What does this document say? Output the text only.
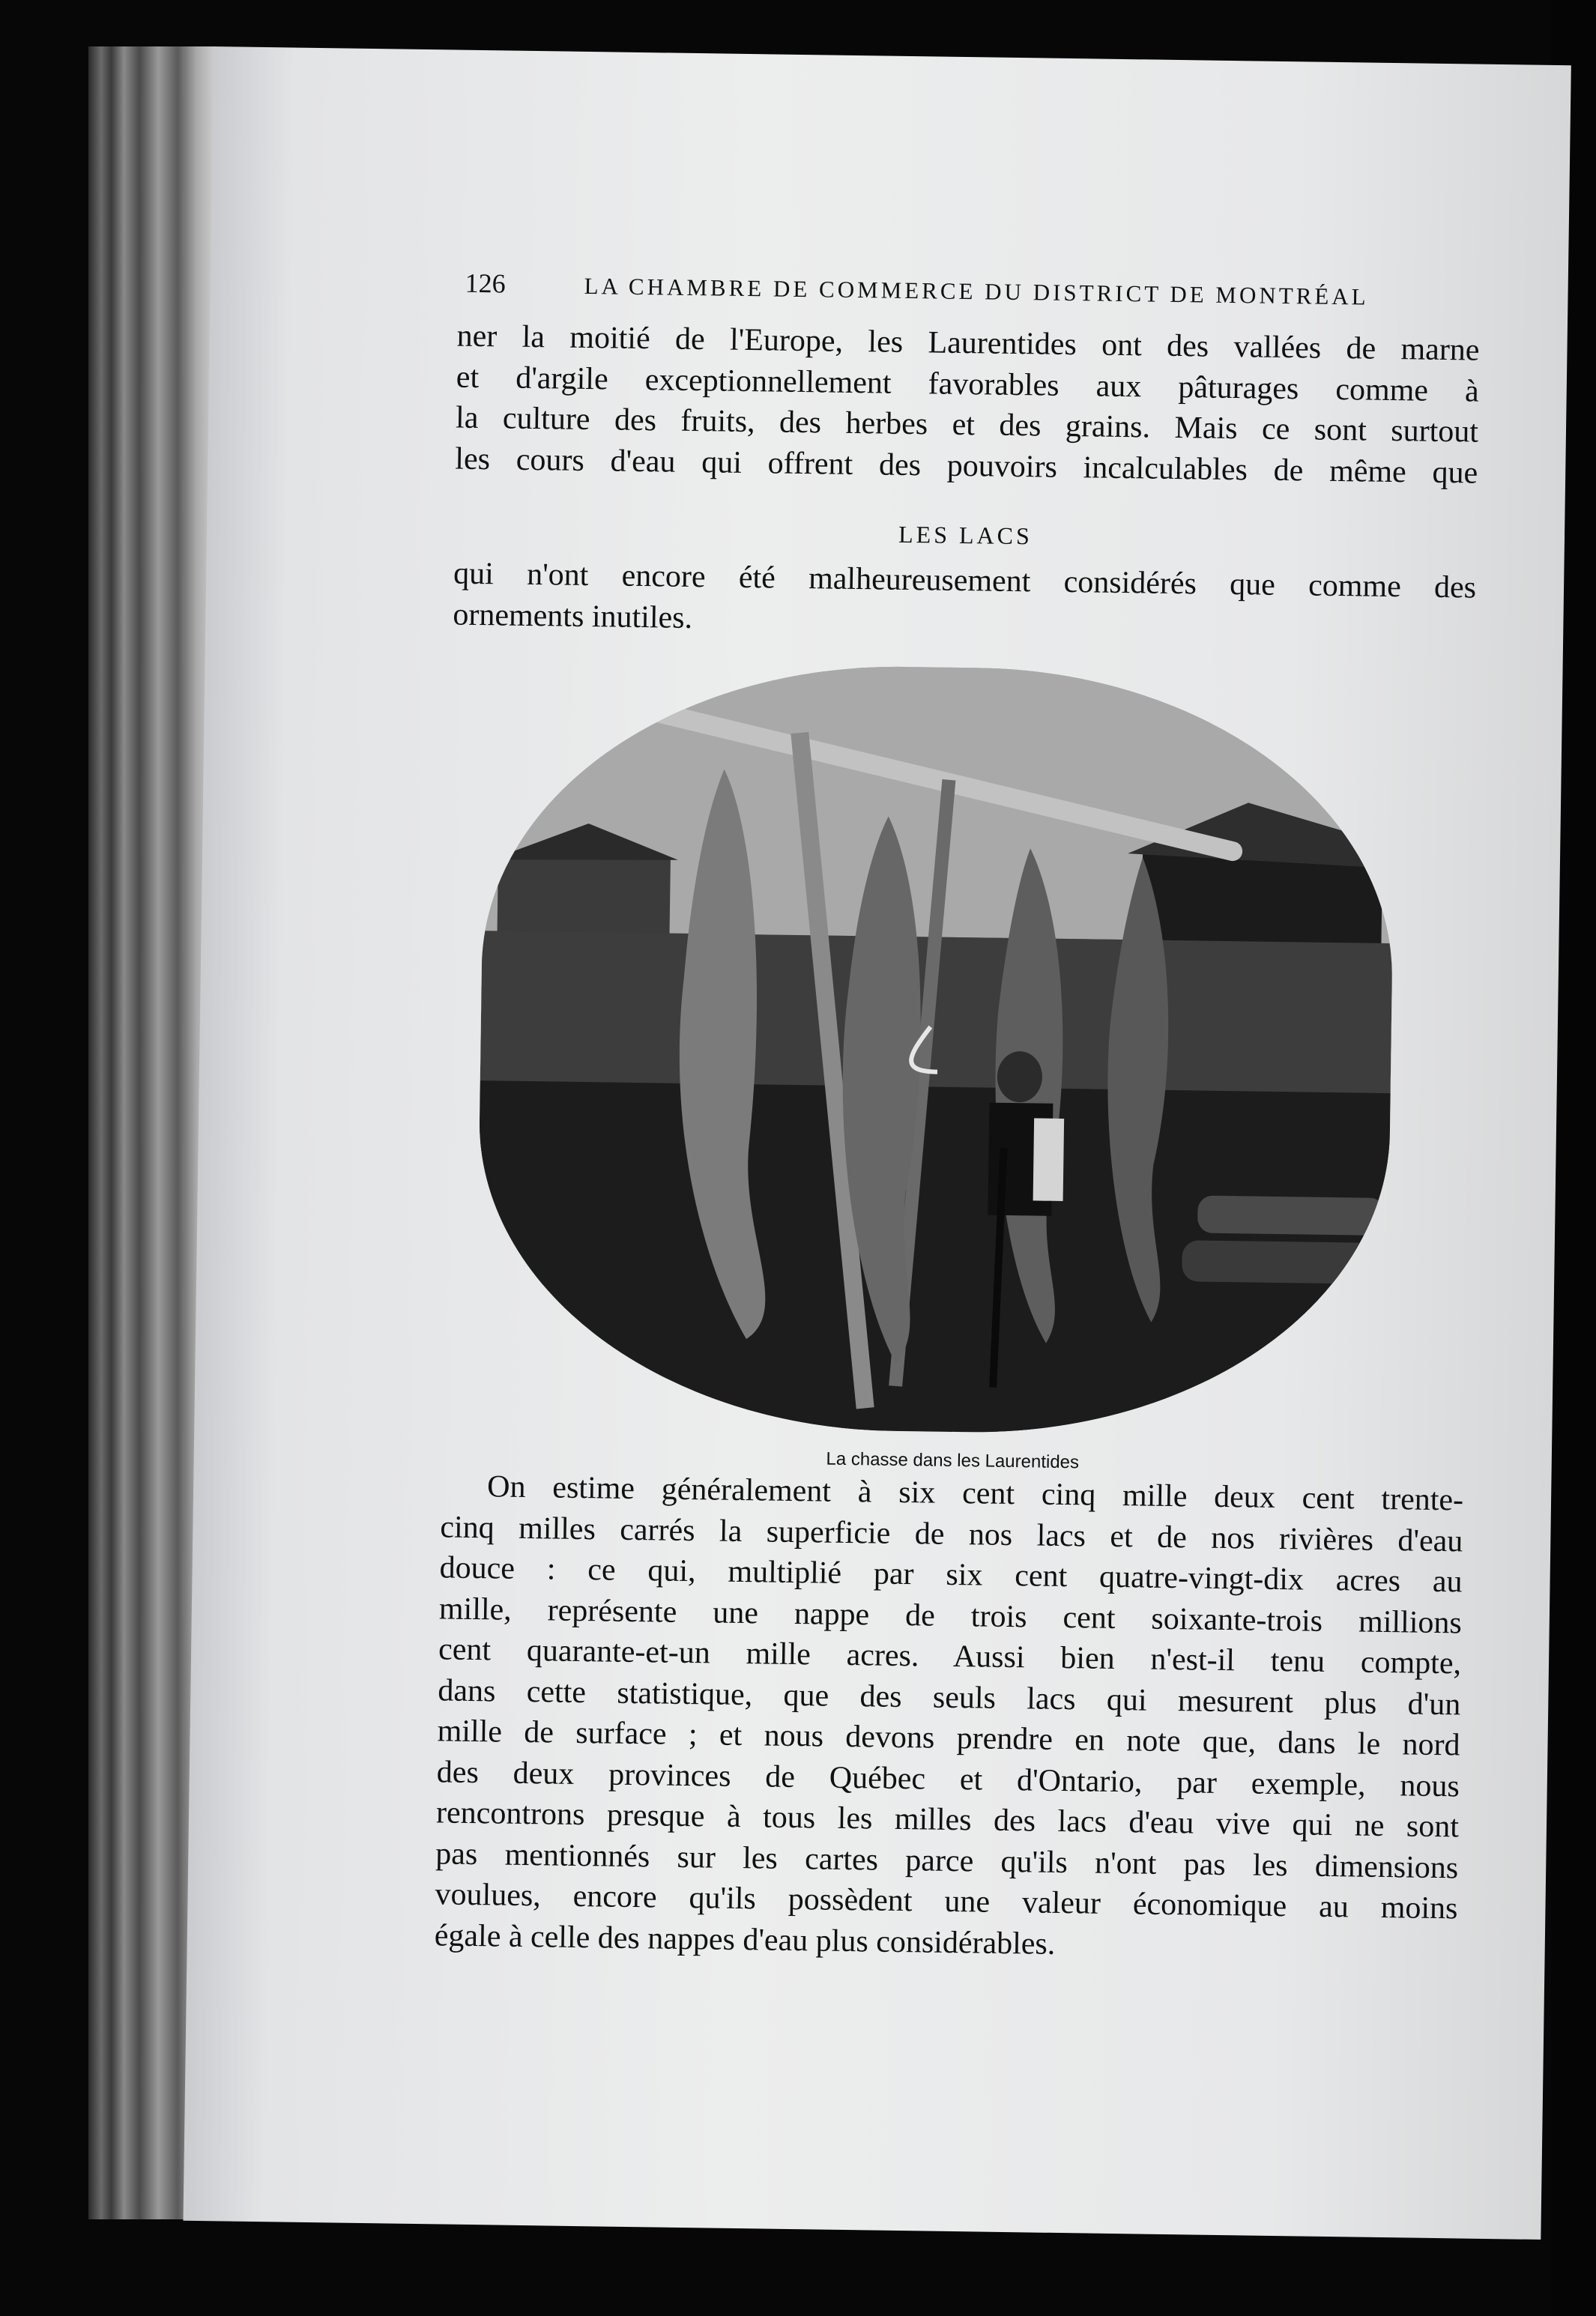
126	LA CHAMBRE DE COMMERCE DU DISTRICT DE MONTRÉAL
ner la moitié de l'Europe, les Laurentides ont des vallées de marne
et d'argile exceptionnellement favorables aux pâturages comme à
la culture des fruits, des herbes et des grains. Mais ce sont surtout
les cours d'eau qui offrent des pouvoirs incalculables de même que
LES LACS
qui n'ont encore été malheureusement considérés que comme des
ornements inutiles.
La chasse dans les Laurentides
On estime généralement à six cent cinq mille deux cent trente-
cinq milles carrés la superficie de nos lacs et de nos rivières d'eau
douce : ce qui, multiplié par six cent quatre-vingt-dix acres au
mille, représente une nappe de trois cent soixante-trois millions
cent quarante-et-un mille acres. Aussi bien n'est-il tenu compte,
dans cette statistique, que des seuls lacs qui mesurent plus d'un
mille de surface ; et nous devons prendre en note que, dans le nord
des deux provinces de Québec et d'Ontario, par exemple, nous
rencontrons presque à tous les milles des lacs d'eau vive qui ne sont
pas mentionnés sur les cartes parce qu'ils n'ont pas les dimensions
voulues, encore qu'ils possèdent une valeur économique au moins
égale à celle des nappes d'eau plus considérables.
